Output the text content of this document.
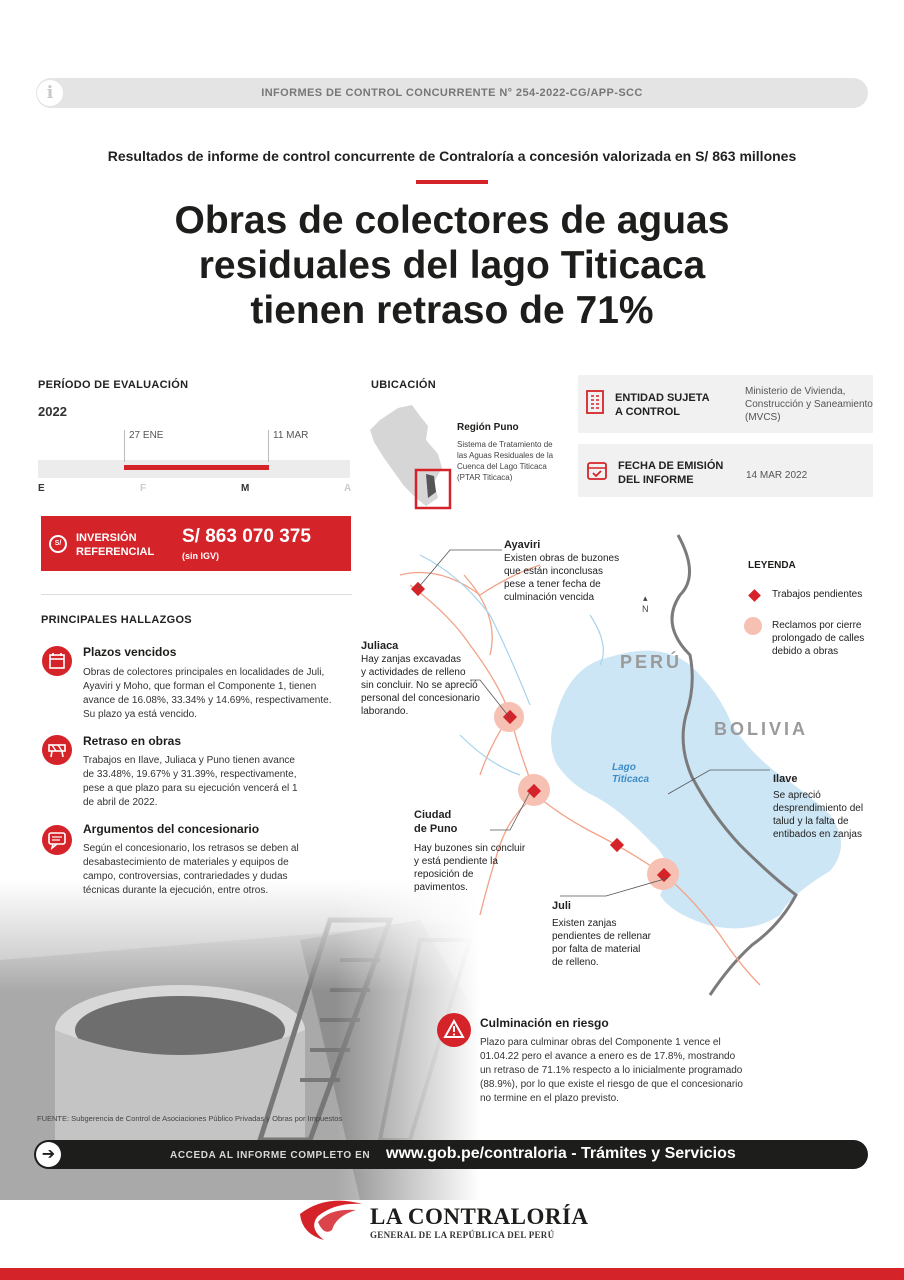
i	INFORMES DE CONTROL CONCURRENTE N° 254-2022-CG/APP-SCC
Resultados de informe de control concurrente de Contraloría a concesión valorizada en S/ 863 millones
Obras de colectores de aguas
residuales del lago Titicaca
tienen retraso de 71%
PERÍODO DE EVALUACIÓN
2022
27 ENE	11 MAR
E	F	M	A
S/	INVERSIÓN
REFERENCIAL
S/ 863 070 375
(sin IGV)
PRINCIPALES HALLAZGOS
Plazos vencidos
Obras de colectores principales en localidades de Juli,
Ayaviri y Moho, que forman el Componente 1, tienen
avance de 16.08%, 33.34% y 14.69%, respectivamente.
Su plazo ya está vencido.
Retraso en obras
Trabajos en Ilave, Juliaca y Puno tienen avance
de 33.48%, 19.67% y 31.39%, respectivamente,
pese a que plazo para su ejecución vencerá el 1
de abril de 2022.
Argumentos del concesionario
Según el concesionario, los retrasos se deben al
desabastecimiento de materiales y equipos de
campo, controversias, contrariedades y dudas
técnicas durante la ejecución, entre otros.
UBICACIÓN
Región Puno
Sistema de Tratamiento de
las Aguas Residuales de la
Cuenca del Lago Titicaca
(PTAR Titicaca)
ENTIDAD SUJETA
A CONTROL
Ministerio de Vivienda,
Construcción y Saneamiento
(MVCS)
FECHA DE EMISIÓN
DEL INFORME	14 MAR 2022
PERÚ
BOLIVIA
Lago
Titicaca
▴
N
Ayaviri
Existen obras de buzones
que están inconclusas
pese a tener fecha de
culminación vencida
Juliaca
Hay zanjas excavadas
y actividades de relleno
sin concluir. No se apreció
personal del concesionario
laborando.
Ciudad
de Puno
Hay buzones sin concluir
y está pendiente la
reposición de
pavimentos.
Ilave
Se apreció
desprendimiento del
talud y la falta de
entibados en zanjas
Juli
Existen zanjas
pendientes de rellenar
por falta de material
de relleno.
LEYENDA
Trabajos pendientes
Reclamos por cierre
prolongado de calles
debido a obras
Culminación en riesgo
Plazo para culminar obras del Componente 1 vence el
01.04.22 pero el avance a enero es de 17.8%, mostrando
un retraso de 71.1% respecto a lo inicialmente programado
(88.9%), por lo que existe el riesgo de que el concesionario
no termine en el plazo previsto.
FUENTE: Subgerencia de Control de Asociaciones Público Privadas y Obras por Impuestos
➔	ACCEDA AL INFORME COMPLETO EN www.gob.pe/contraloria - Trámites y Servicios
LA CONTRALORÍA
GENERAL DE LA REPÚBLICA DEL PERÚ
